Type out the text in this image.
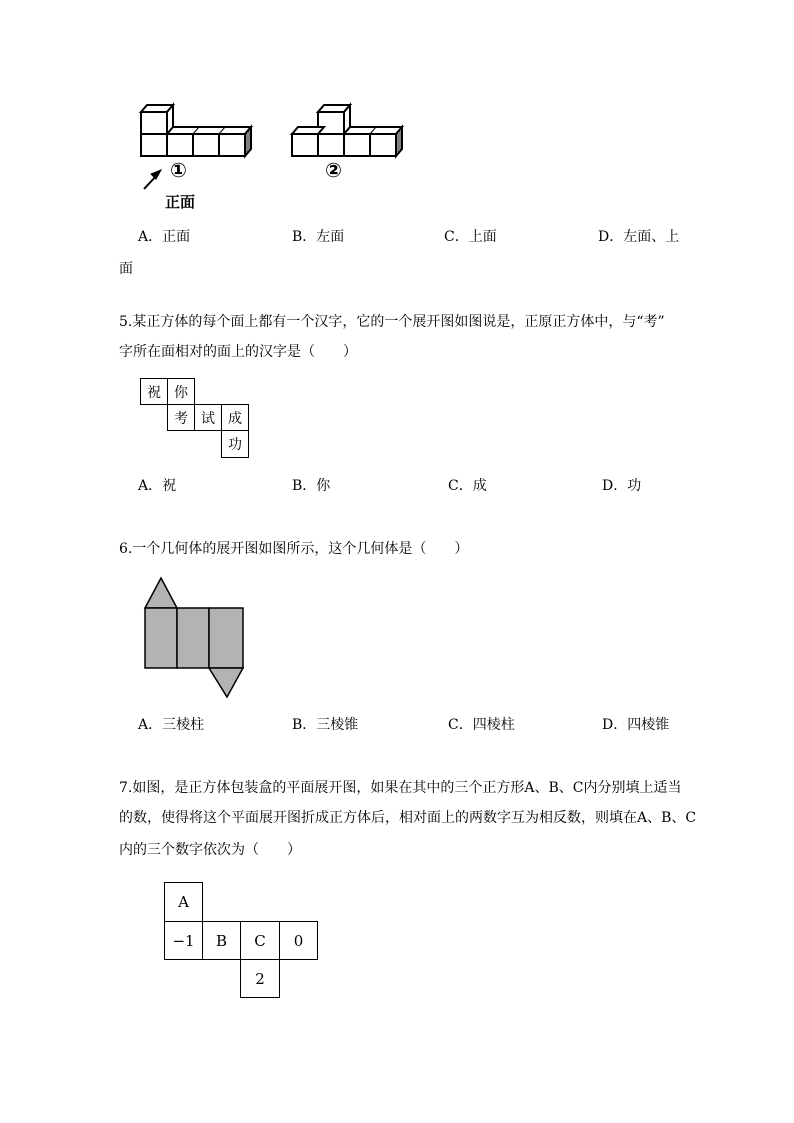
①	②
正面
A．正面	B．左面	C．上面	D．左面、上
面
5.某正方体的每个面上都有一个汉字，它的一个展开图如图说是，正原正方体中，与“考”
字所在面相对的面上的汉字是（　　）
祝 你
考 试 成
功
A．祝	B．你	C．成	D．功
6.一个几何体的展开图如图所示，这个几何体是（　　）
A．三棱柱	B．三棱锥	C．四棱柱	D．四棱锥
7.如图，是正方体包装盒的平面展开图，如果在其中的三个正方形A、B、C内分别填上适当
的数，使得将这个平面展开图折成正方体后，相对面上的两数字互为相反数，则填在A、B、C
内的三个数字依次为（　　）
A
−1	B	C	0
2
